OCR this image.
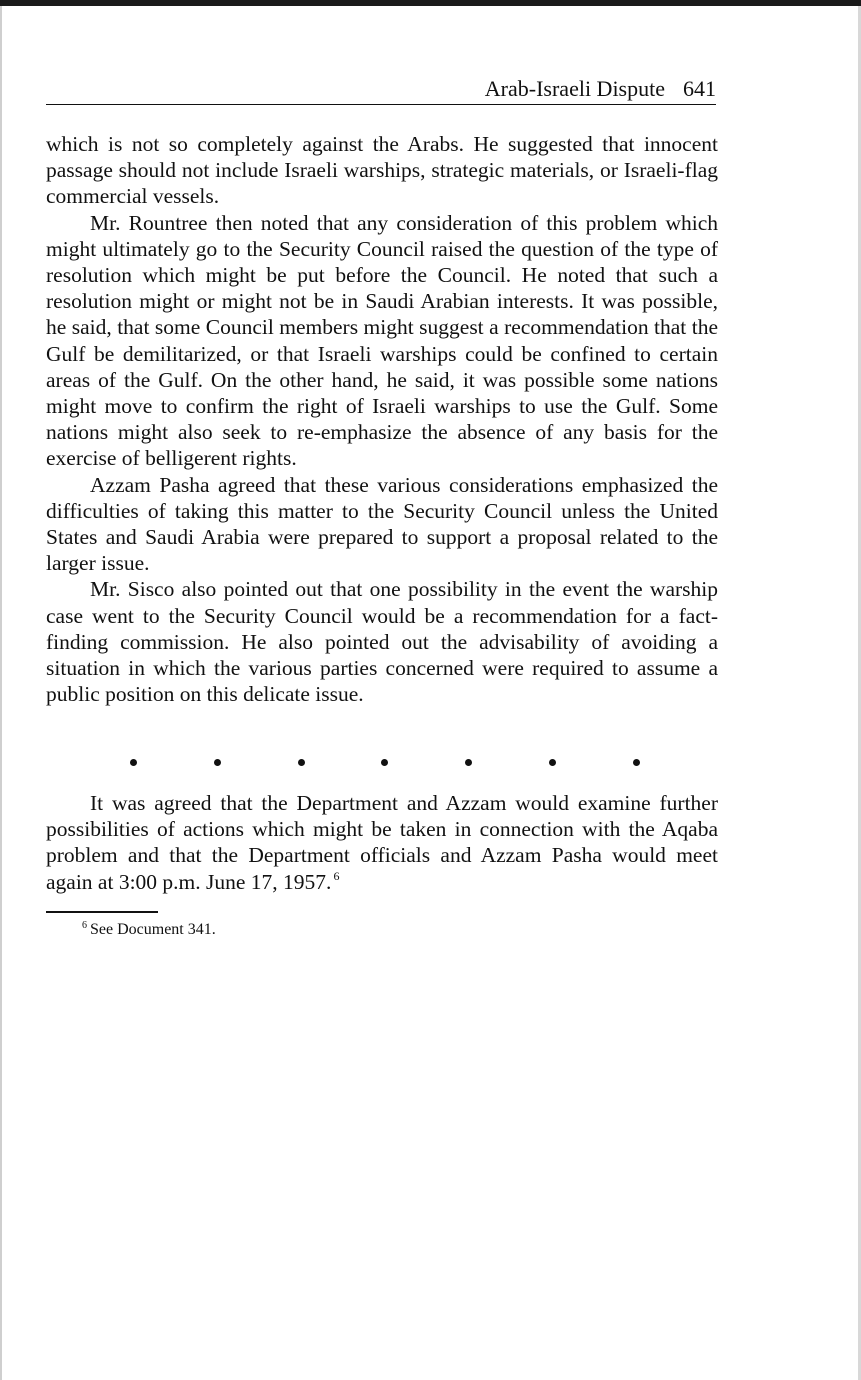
Arab-Israeli Dispute 641

which is not so completely against the Arabs. He suggested that innocent passage should not include Israeli warships, strategic materials, or Israeli-flag commercial vessels.

Mr. Rountree then noted that any consideration of this problem which might ultimately go to the Security Council raised the question of the type of resolution which might be put before the Council. He noted that such a resolution might or might not be in Saudi Arabian interests. It was possible, he said, that some Council members might suggest a recommendation that the Gulf be demilitarized, or that Israeli warships could be confined to certain areas of the Gulf. On the other hand, he said, it was possible some nations might move to confirm the right of Israeli warships to use the Gulf. Some nations might also seek to re-emphasize the absence of any basis for the exercise of belligerent rights.

Azzam Pasha agreed that these various considerations emphasized the difficulties of taking this matter to the Security Council unless the United States and Saudi Arabia were prepared to support a proposal related to the larger issue.

Mr. Sisco also pointed out that one possibility in the event the warship case went to the Security Council would be a recommendation for a fact-finding commission. He also pointed out the advisability of avoiding a situation in which the various parties concerned were required to assume a public position on this delicate issue.

It was agreed that the Department and Azzam would examine further possibilities of actions which might be taken in connection with the Aqaba problem and that the Department officials and Azzam Pasha would meet again at 3:00 p.m. June 17, 1957. $^6$

$^6$ See Document 341.
